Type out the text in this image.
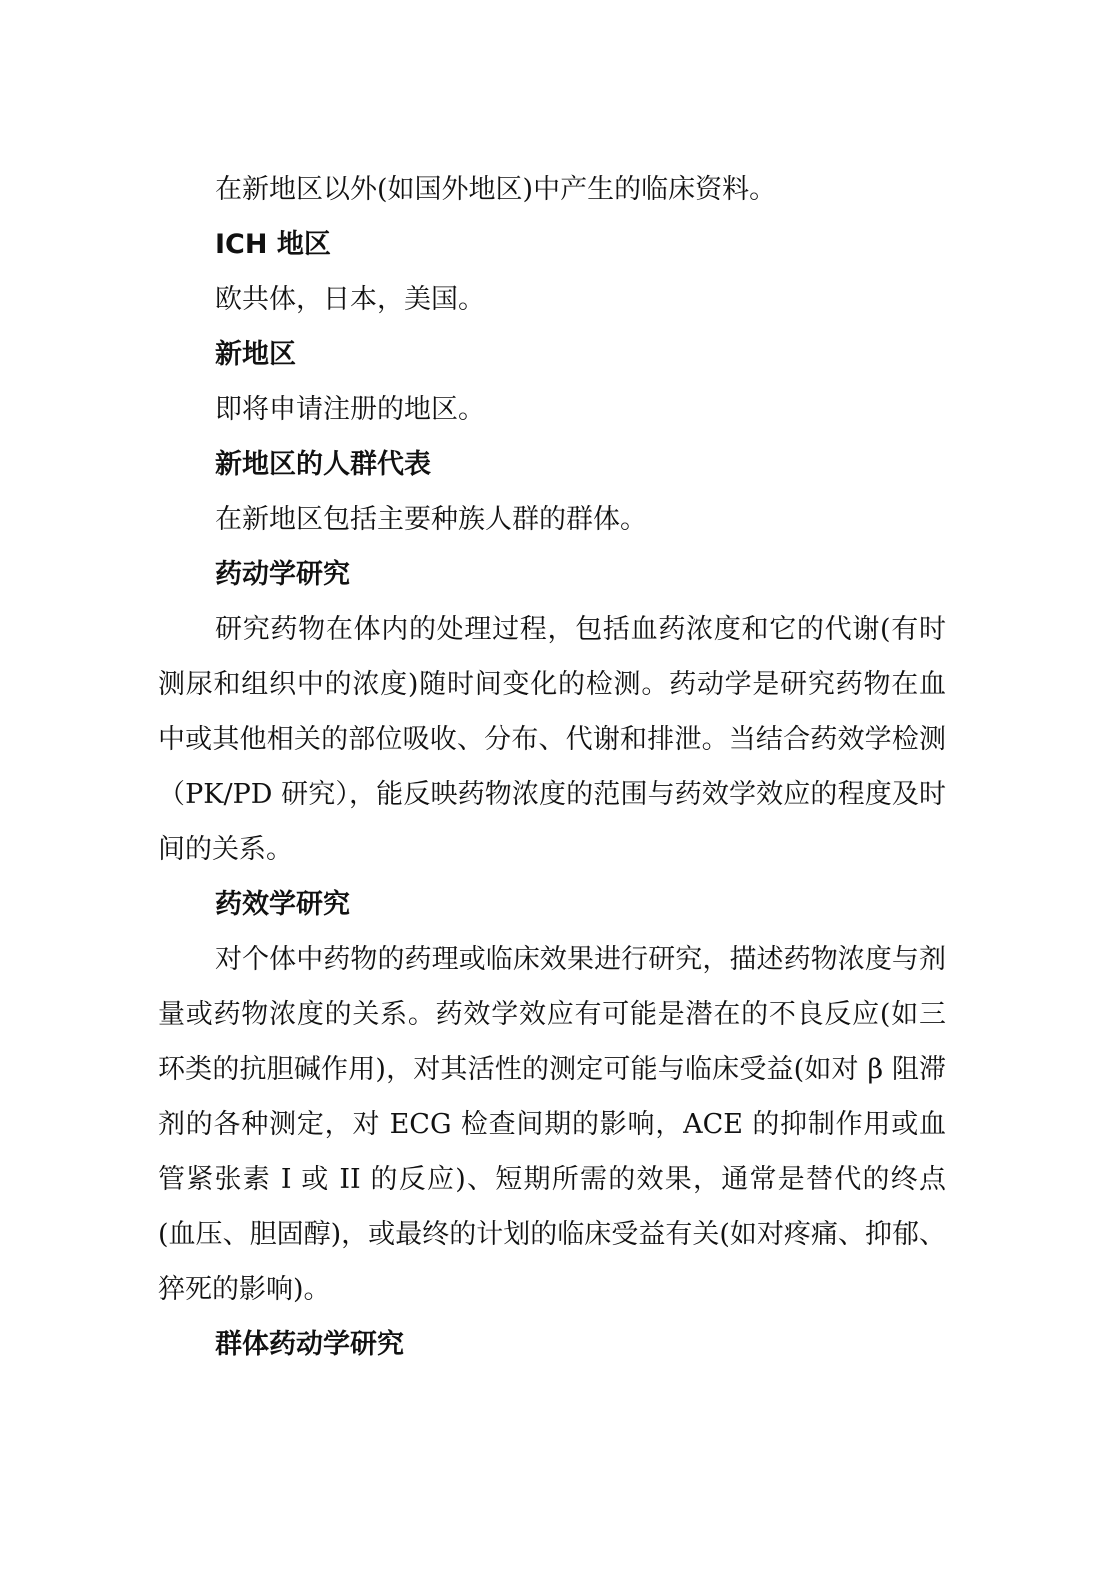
在新地区以外(如国外地区)中产生的临床资料。
ICH 地区
欧共体，日本，美国。
新地区
即将申请注册的地区。
新地区的人群代表
在新地区包括主要种族人群的群体。
药动学研究

研究药物在体内的处理过程，包括血药浓度和它的代谢(有时测尿和组织中的浓度)随时间变化的检测。药动学是研究药物在血中或其他相关的部位吸收、分布、代谢和排泄。当结合药效学检测（PK/PD 研究），能反映药物浓度的范围与药效学效应的程度及时间的关系。

药效学研究

对个体中药物的药理或临床效果进行研究，描述药物浓度与剂量或药物浓度的关系。药效学效应有可能是潜在的不良反应(如三环类的抗胆碱作用)，对其活性的测定可能与临床受益(如对 β 阻滞剂的各种测定，对 ECG 检查间期的影响，ACE 的抑制作用或血管紧张素 I 或 II 的反应)、短期所需的效果，通常是替代的终点(血压、胆固醇)，或最终的计划的临床受益有关(如对疼痛、抑郁、猝死的影响)。

群体药动学研究
